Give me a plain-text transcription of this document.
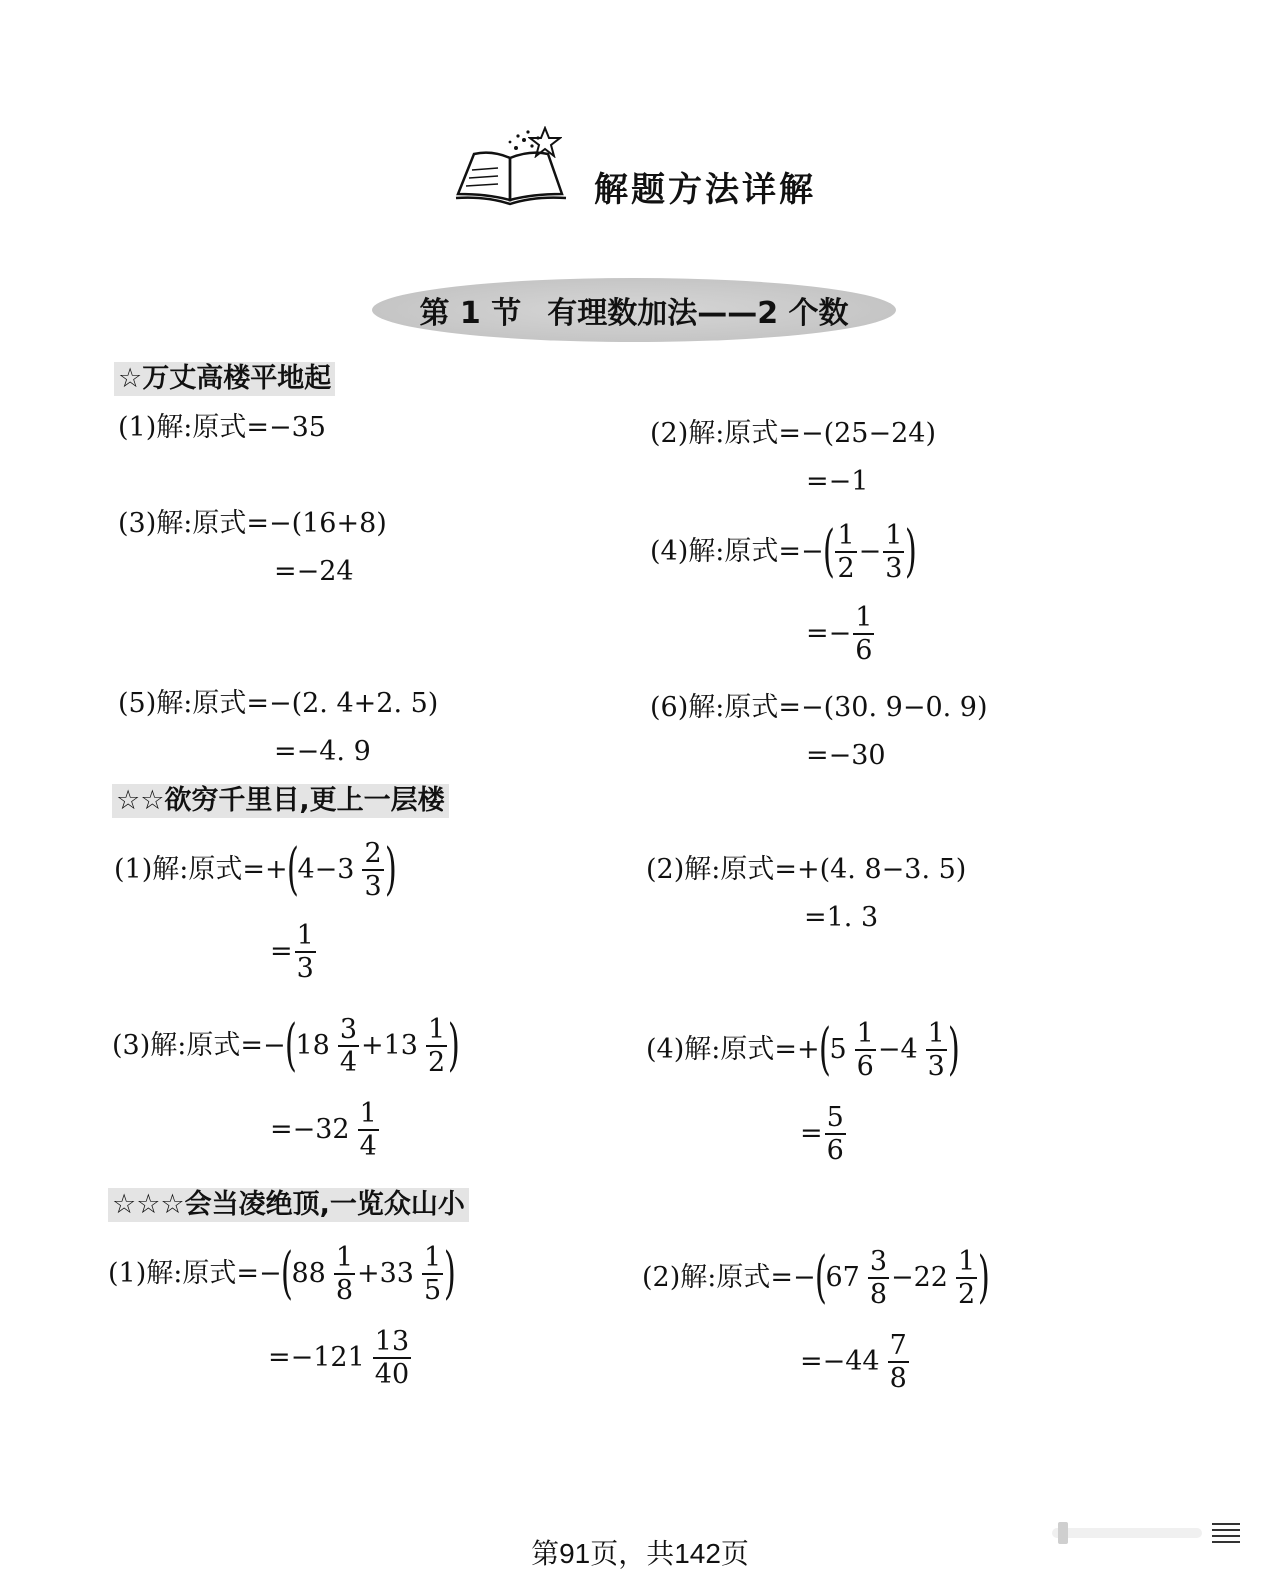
解题方法详解
第 1 节 有理数加法——2 个数
☆万丈高楼平地起
(1)解:原式 =−35	(2)解:原式 =−(25−24)
=−1
(3)解:原式 =−(16+8)
=−24
(4)解:原式 =−
( $\frac{1}{2} - \frac{1}{3}$ )
=− $\frac{1}{6}$
(5)解:原式 =−(2. 4+2. 5)
=−4. 9
(6)解:原式 =−(30. 9−0. 9)
=−30
☆☆欲穷千里目,更上一层楼
(1)解:原式 =+
(
$4-3 \frac{2}{3}$ )
= $\frac{1}{3}$
(2)解:原式 =+(4. 8−3. 5)
=1. 3
(3)解:原式 =−
(
$18 \frac{3}{4} +13 \frac{1}{2}$ )
$=-32 \frac{1}{4}$
(4)解:原式 =+
(
$5 \frac{1}{6} -4 \frac{1}{3}$ )
= $\frac{5}{6}$
☆☆☆会当凌绝顶,一览众山小
(1)解:原式 =−
(
$88 \frac{1}{8} +33 \frac{1}{5}$ )
$=-121 \frac{13}{40}$
(2)解:原式 =−
(
$67 \frac{3}{8} -22 \frac{1}{2}$ )
$=-44 \frac{7}{8}$
第91页，共142页
